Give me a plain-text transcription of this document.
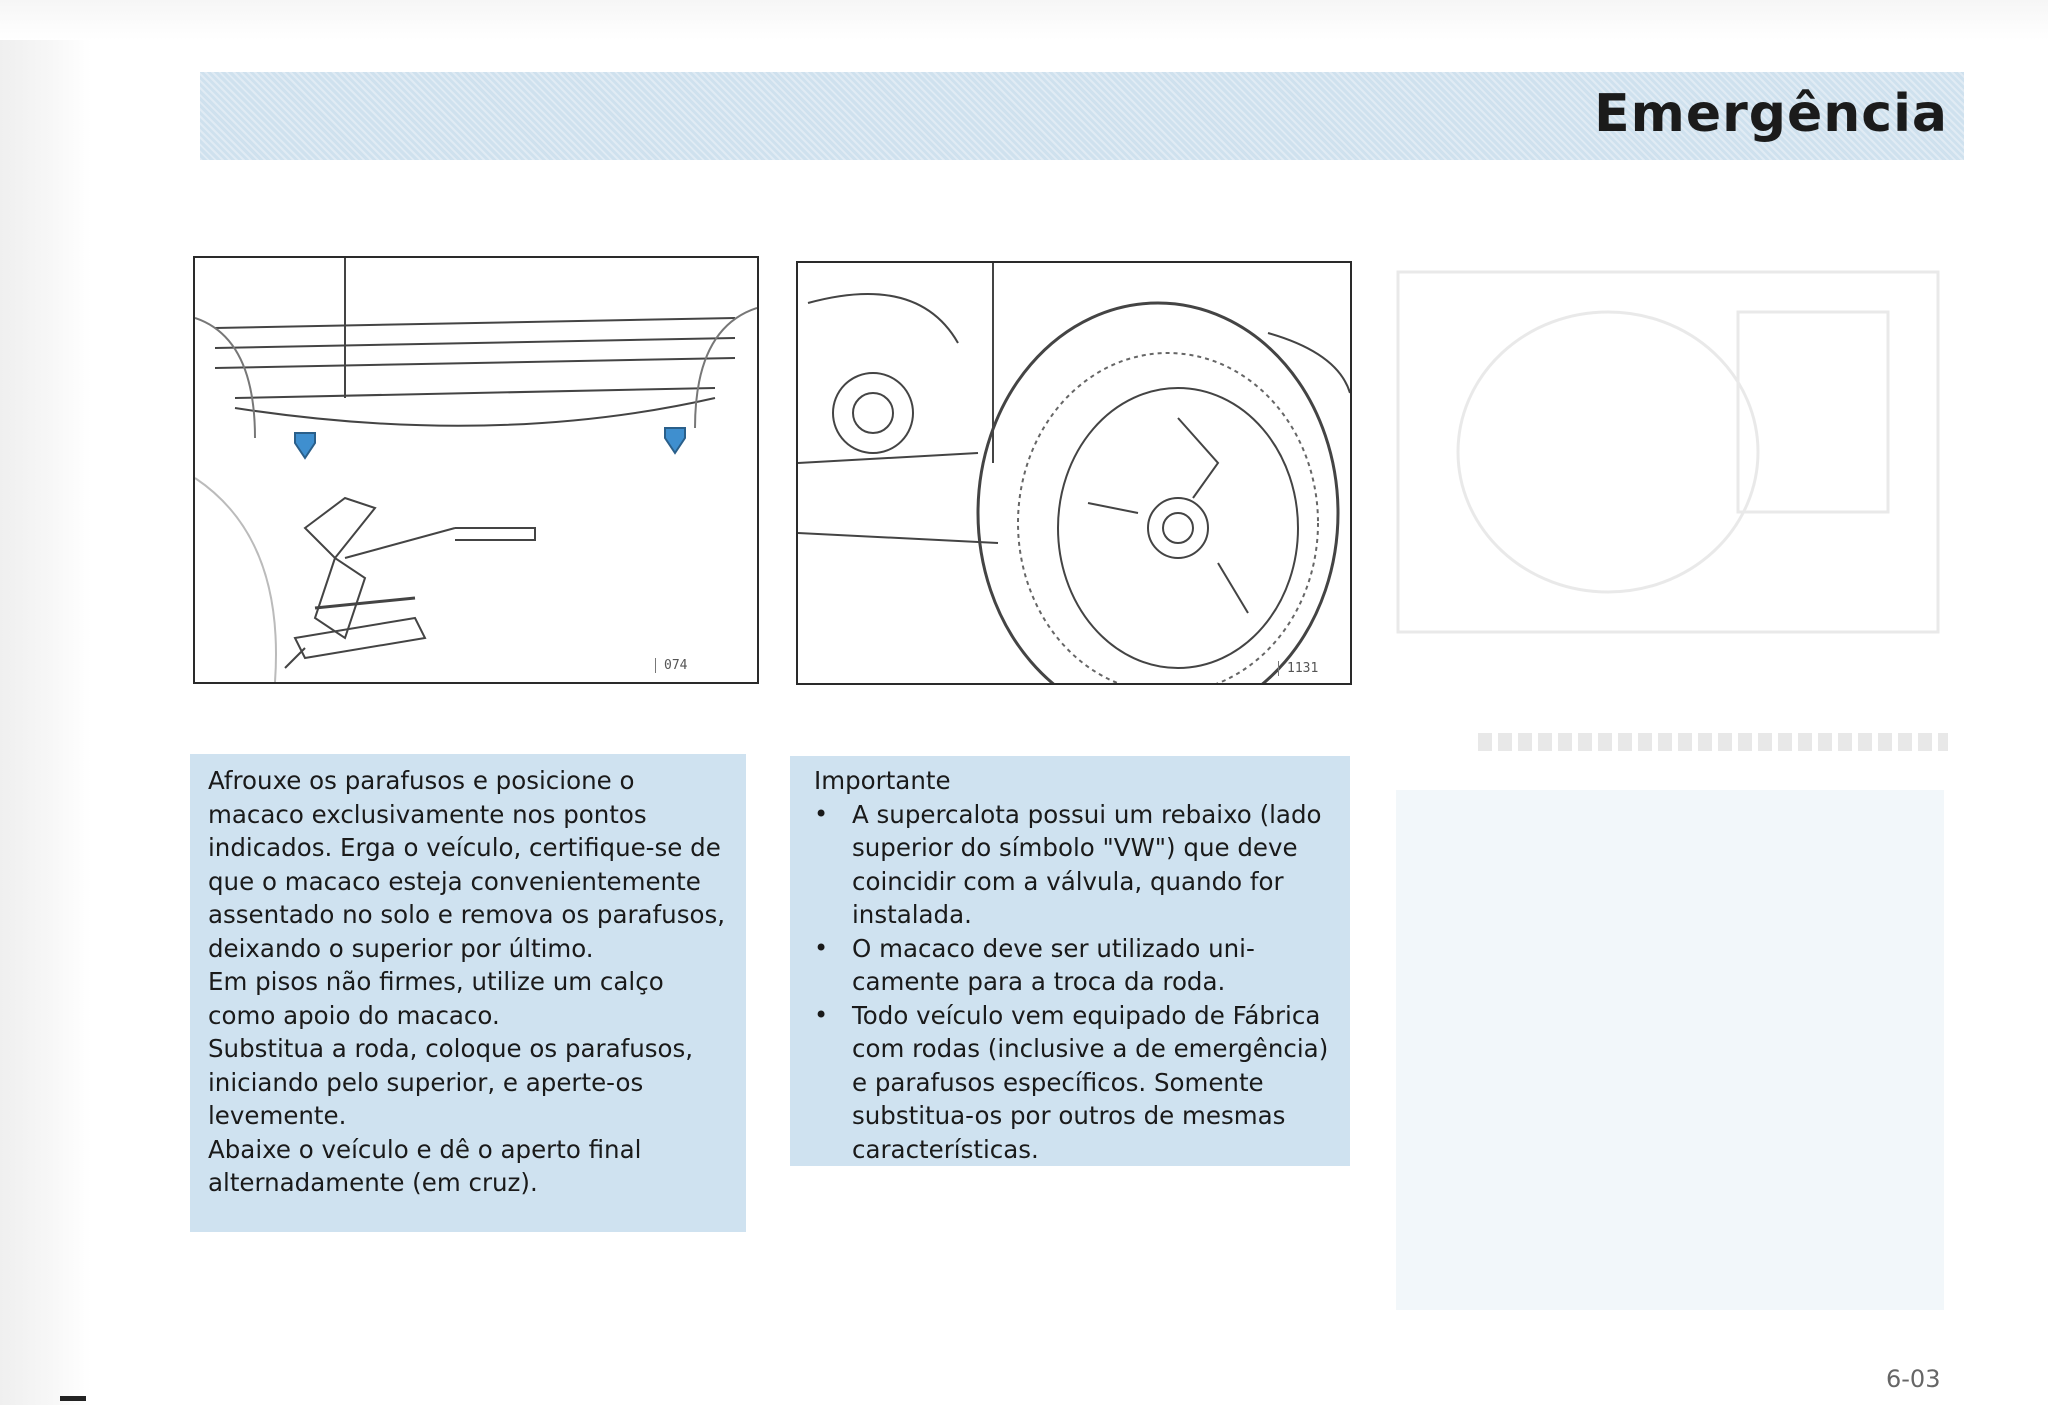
Emergência
074	1131

Afrouxe os parafusos e posicione o macaco exclusivamente nos pontos indicados. Erga o veículo, certifique-se de que o macaco esteja convenientemente assentado no solo e remova os parafusos, deixando o superior por último.

Em pisos não firmes, utilize um calço como apoio do macaco.

Substitua a roda, coloque os parafusos, iniciando pelo superior, e aperte-os levemente.

Abaixe o veículo e dê o aperto final alternadamente (em cruz).

Importante

• A supercalota possui um rebaixo (lado superior do símbolo "VW") que deve coincidir com a válvula, quando for instalada.
• O macaco deve ser utilizado unicamente para a troca da roda.
• Todo veículo vem equipado de Fábrica com rodas (inclusive a de emergência) e parafusos específicos. Somente substitua-os por outros de mesmas características.
6-03
